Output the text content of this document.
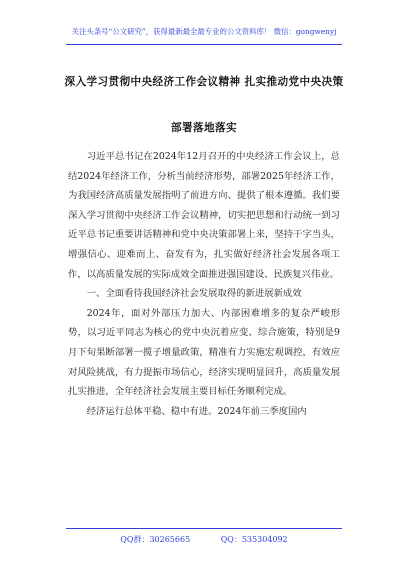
关注头条号“公文研究”，获得最新最全最专业的公文资料库！ 微信：gongwenyj
深入学习贯彻中央经济工作会议精神 扎实推动党中央决策
部署落地落实

习近平总书记在2024年12月召开的中央经济工作会议上，总结2024年经济工作，分析当前经济形势，部署2025年经济工作，为我国经济高质量发展指明了前进方向、提供了根本遵循。我们要深入学习贯彻中央经济工作会议精神，切实把思想和行动统一到习近平总书记重要讲话精神和党中央决策部署上来，坚持干字当头，增强信心、迎难而上、奋发有为，扎实做好经济社会发展各项工作，以高质量发展的实际成效全面推进强国建设、民族复兴伟业。

一、全面看待我国经济社会发展取得的新进展新成效

2024年，面对外部压力加大、内部困难增多的复杂严峻形势，以习近平同志为核心的党中央沉着应变、综合施策，特别是9月下旬果断部署一揽子增量政策，精准有力实施宏观调控，有效应对风险挑战，有力提振市场信心，经济实现明显回升，高质量发展扎实推进，全年经济社会发展主要目标任务顺利完成。

经济运行总体平稳、稳中有进。2024年前三季度国内

QQ群：30265665	QQ：535304092
